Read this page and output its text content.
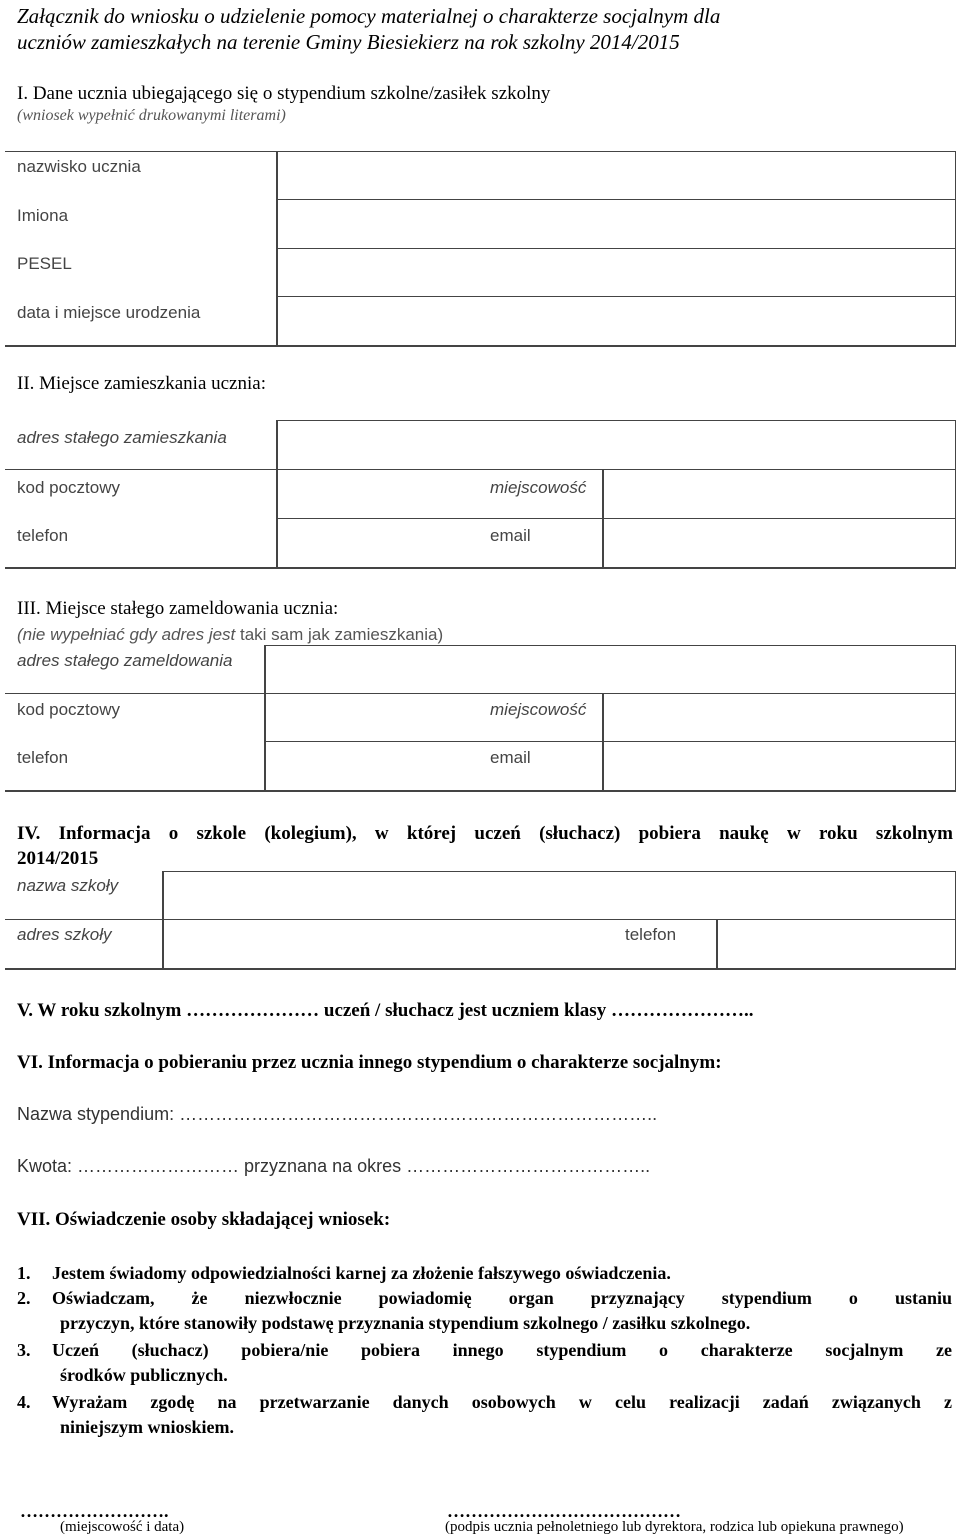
Załącznik do wniosku o udzielenie pomocy materialnej o charakterze socjalnym dla
uczniów zamieszkałych na terenie Gminy Biesiekierz na rok szkolny 2014/2015
I. Dane ucznia ubiegającego się o stypendium szkolne/zasiłek szkolny
(wniosek wypełnić drukowanymi literami)
nazwisko ucznia
Imiona
PESEL
data i miejsce urodzenia
II. Miejsce zamieszkania ucznia:
adres stałego zamieszkania
kod pocztowy	miejscowość
telefon	email
III. Miejsce stałego zameldowania ucznia:
(nie wypełniać gdy adres jest taki sam jak zamieszkania)
adres stałego zameldowania
kod pocztowy	miejscowość
telefon	email
IV. Informacja o szkole (kolegium), w której uczeń (słuchacz) pobiera naukę w roku szkolnym
2014/2015
nazwa szkoły
adres szkoły	telefon
V. W roku szkolnym ………………… uczeń / słuchacz jest uczniem klasy …………………..
VI. Informacja o pobieraniu przez ucznia innego stypendium o charakterze socjalnym:
Nazwa stypendium: ……………………………………………………………………..
Kwota: ……………………… przyznana na okres …………………………………..
VII. Oświadczenie osoby składającej wniosek:
1. Jestem świadomy odpowiedzialności karnej za złożenie fałszywego oświadczenia.
2. Oświadczam, że niezwłocznie powiadomię organ przyznający stypendium o ustaniu
przyczyn, które stanowiły podstawę przyznania stypendium szkolnego / zasiłku szkolnego.
3. Uczeń (słuchacz) pobiera/nie pobiera innego stypendium o charakterze socjalnym ze
środków publicznych.
4. Wyrażam zgodę na przetwarzanie danych osobowych w celu realizacji zadań związanych z
niniejszym wnioskiem.
…………………….
(miejscowość i data)
…………………………………
(podpis ucznia pełnoletniego lub dyrektora, rodzica lub opiekuna prawnego)
